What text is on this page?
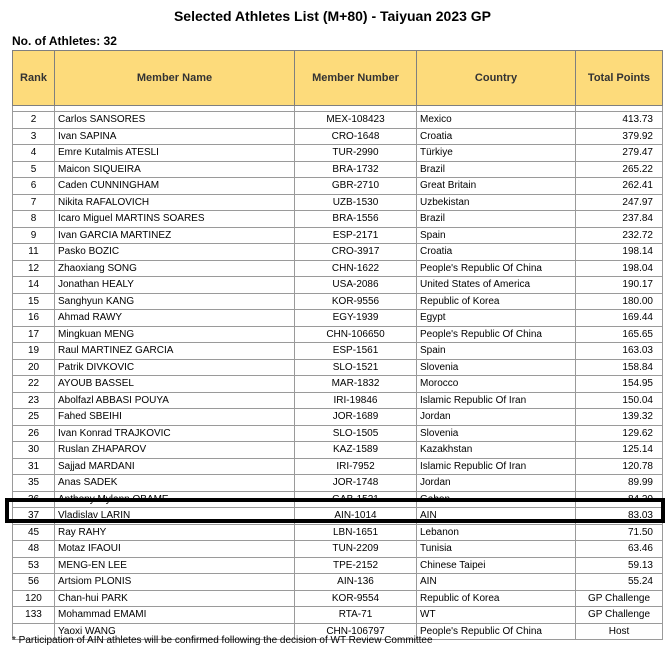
Selected Athletes List (M+80) - Taiyuan 2023 GP
No. of Athletes: 32
Rank	Member Name	Member Number	Country	Total Points

2	Carlos SANSORES	MEX-108423	Mexico	413.73
3	Ivan SAPINA	CRO-1648	Croatia	379.92
4	Emre Kutalmis ATESLI	TUR-2990	Türkiye	279.47
5	Maicon SIQUEIRA	BRA-1732	Brazil	265.22
6	Caden CUNNINGHAM	GBR-2710	Great Britain	262.41
7	Nikita RAFALOVICH	UZB-1530	Uzbekistan	247.97
8	Icaro Miguel MARTINS SOARES	BRA-1556	Brazil	237.84
9	Ivan GARCIA MARTINEZ	ESP-2171	Spain	232.72
11	Pasko BOZIC	CRO-3917	Croatia	198.14
12	Zhaoxiang SONG	CHN-1622	People's Republic Of China	198.04
14	Jonathan HEALY	USA-2086	United States of America	190.17
15	Sanghyun KANG	KOR-9556	Republic of Korea	180.00
16	Ahmad RAWY	EGY-1939	Egypt	169.44
17	Mingkuan MENG	CHN-106650	People's Republic Of China	165.65
19	Raul MARTINEZ GARCIA	ESP-1561	Spain	163.03
20	Patrik DIVKOVIC	SLO-1521	Slovenia	158.84
22	AYOUB BASSEL	MAR-1832	Morocco	154.95
23	Abolfazl ABBASI POUYA	IRI-19846	Islamic Republic Of Iran	150.04
25	Fahed SBEIHI	JOR-1689	Jordan	139.32
26	Ivan Konrad TRAJKOVIC	SLO-1505	Slovenia	129.62
30	Ruslan ZHAPAROV	KAZ-1589	Kazakhstan	125.14
31	Sajjad MARDANI	IRI-7952	Islamic Republic Of Iran	120.78
35	Anas SADEK	JOR-1748	Jordan	89.99
36	Anthony Mylann OBAME	GAB-1521	Gabon	84.20
37	Vladislav LARIN	AIN-1014	AIN	83.03
45	Ray RAHY	LBN-1651	Lebanon	71.50
48	Motaz IFAOUI	TUN-2209	Tunisia	63.46
53	MENG-EN LEE	TPE-2152	Chinese Taipei	59.13
56	Artsiom PLONIS	AIN-136	AIN	55.24
120	Chan-hui PARK	KOR-9554	Republic of Korea	GP Challenge
133	Mohammad EMAMI	RTA-71	WT	GP Challenge
	Yaoxi WANG	CHN-106797	People's Republic Of China	Host
* Participation of AIN athletes will be confirmed following the decision of WT Review Committee
